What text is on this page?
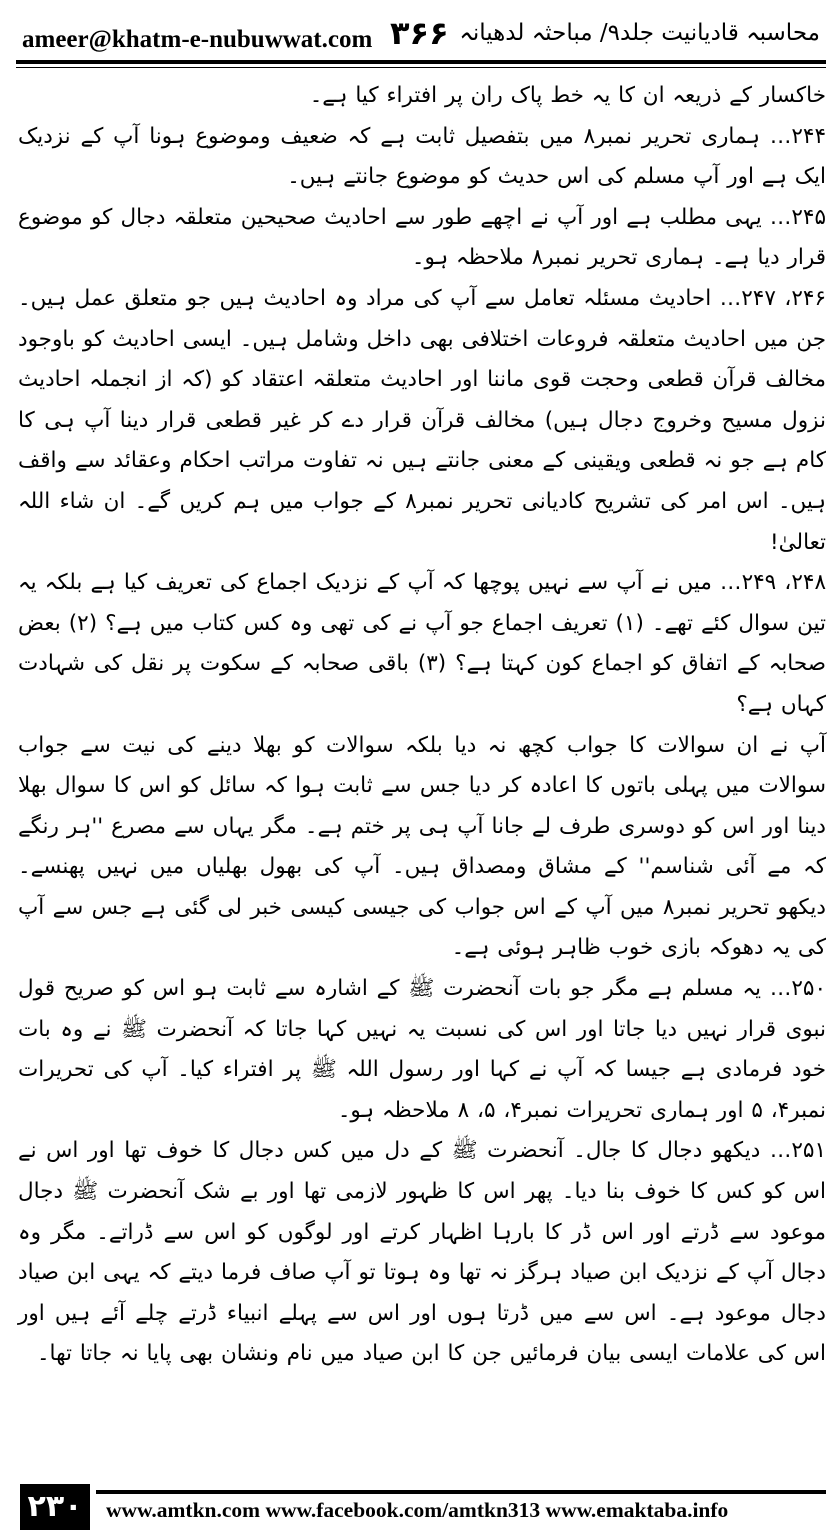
ameer@khatm-e-nubuwwat.com ۳۶۶ محاسبہ قادیانیت جلد۹/ مباحثہ لدھیانہ

خاکسار کے ذریعہ ان کا یہ خط پاک ران پر افتراء کیا ہے۔

۲۴۴… ہماری تحریر نمبر۸ میں بتفصیل ثابت ہے کہ ضعیف وموضوع ہونا آپ کے نزدیک ایک ہے اور آپ مسلم کی اس حدیث کو موضوع جانتے ہیں۔

۲۴۵… یہی مطلب ہے اور آپ نے اچھے طور سے احادیث صحیحین متعلقہ دجال کو موضوع قرار دیا ہے۔ ہماری تحریر نمبر۸ ملاحظہ ہو۔

۲۴۶، ۲۴۷… احادیث مسئلہ تعامل سے آپ کی مراد وہ احادیث ہیں جو متعلق عمل ہیں۔ جن میں احادیث متعلقہ فروعات اختلافی بھی داخل وشامل ہیں۔ ایسی احادیث کو باوجود مخالف قرآن قطعی وحجت قوی ماننا اور احادیث متعلقہ اعتقاد کو (کہ از انجملہ احادیث نزول مسیح وخروج دجال ہیں) مخالف قرآن قرار دے کر غیر قطعی قرار دینا آپ ہی کا کام ہے جو نہ قطعی ویقینی کے معنی جانتے ہیں نہ تفاوت مراتب احکام وعقائد سے واقف ہیں۔ اس امر کی تشریح کادیانی تحریر نمبر۸ کے جواب میں ہم کریں گے۔ ان شاء اللہ تعالیٰ!

۲۴۸، ۲۴۹… میں نے آپ سے نہیں پوچھا کہ آپ کے نزدیک اجماع کی تعریف کیا ہے بلکہ یہ تین سوال کئے تھے۔ (۱) تعریف اجماع جو آپ نے کی تھی وہ کس کتاب میں ہے؟ (۲) بعض صحابہ کے اتفاق کو اجماع کون کہتا ہے؟ (۳) باقی صحابہ کے سکوت پر نقل کی شہادت کہاں ہے؟

آپ نے ان سوالات کا جواب کچھ نہ دیا بلکہ سوالات کو بھلا دینے کی نیت سے جواب سوالات میں پہلی باتوں کا اعادہ کر دیا جس سے ثابت ہوا کہ سائل کو اس کا سوال بھلا دینا اور اس کو دوسری طرف لے جانا آپ ہی پر ختم ہے۔ مگر یہاں سے مصرع ''ہر رنگے کہ مے آئی شناسم'' کے مشاق ومصداق ہیں۔ آپ کی بھول بھلیاں میں نہیں پھنسے۔ دیکھو تحریر نمبر۸ میں آپ کے اس جواب کی جیسی کیسی خبر لی گئی ہے جس سے آپ کی یہ دھوکہ بازی خوب ظاہر ہوئی ہے۔

۲۵۰… یہ مسلم ہے مگر جو بات آنحضرت ﷺ کے اشارہ سے ثابت ہو اس کو صریح قول نبوی قرار نہیں دیا جاتا اور اس کی نسبت یہ نہیں کہا جاتا کہ آنحضرت ﷺ نے وہ بات خود فرمادی ہے جیسا کہ آپ نے کہا اور رسول اللہ ﷺ پر افتراء کیا۔ آپ کی تحریرات نمبر۴، ۵ اور ہماری تحریرات نمبر۴، ۵، ۸ ملاحظہ ہو۔

۲۵۱… دیکھو دجال کا جال۔ آنحضرت ﷺ کے دل میں کس دجال کا خوف تھا اور اس نے اس کو کس کا خوف بنا دیا۔ پھر اس کا ظہور لازمی تھا اور بے شک آنحضرت ﷺ دجال موعود سے ڈرتے اور اس ڈر کا بارہا اظہار کرتے اور لوگوں کو اس سے ڈراتے۔ مگر وہ دجال آپ کے نزدیک ابن صیاد ہرگز نہ تھا وہ ہوتا تو آپ صاف فرما دیتے کہ یہی ابن صیاد دجال موعود ہے۔ اس سے میں ڈرتا ہوں اور اس سے پہلے انبیاء ڈرتے چلے آئے ہیں اور اس کی علامات ایسی بیان فرمائیں جن کا ابن صیاد میں نام ونشان بھی پایا نہ جاتا تھا۔

۲۳۰	www.amtkn.com www.facebook.com/amtkn313 www.emaktaba.info
